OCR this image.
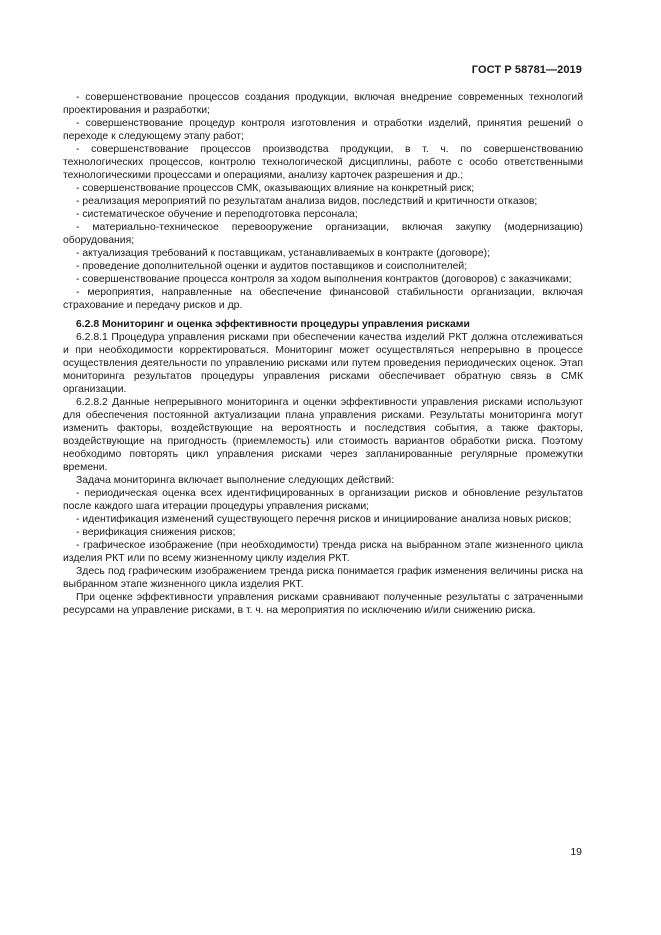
ГОСТ Р 58781—2019

- совершенствование процессов создания продукции, включая внедрение современных технологий проектирования и разработки;

- совершенствование процедур контроля изготовления и отработки изделий, принятия решений о переходе к следующему этапу работ;

- совершенствование процессов производства продукции, в т. ч. по совершенствованию технологических процессов, контролю технологической дисциплины, работе с особо ответственными технологическими процессами и операциями, анализу карточек разрешения и др.;

- совершенствование процессов СМК, оказывающих влияние на конкретный риск;

- реализация мероприятий по результатам анализа видов, последствий и критичности отказов;

- систематическое обучение и переподготовка персонала;

- материально-техническое перевооружение организации, включая закупку (модернизацию) оборудования;

- актуализация требований к поставщикам, устанавливаемых в контракте (договоре);

- проведение дополнительной оценки и аудитов поставщиков и соисполнителей;

- совершенствование процесса контроля за ходом выполнения контрактов (договоров) с заказчиками;

- мероприятия, направленные на обеспечение финансовой стабильности организации, включая страхование и передачу рисков и др.

6.2.8 Мониторинг и оценка эффективности процедуры управления рисками

6.2.8.1 Процедура управления рисками при обеспечении качества изделий РКТ должна отслеживаться и при необходимости корректироваться. Мониторинг может осуществляться непрерывно в процессе осуществления деятельности по управлению рисками или путем проведения периодических оценок. Этап мониторинга результатов процедуры управления рисками обеспечивает обратную связь в СМК организации.

6.2.8.2 Данные непрерывного мониторинга и оценки эффективности управления рисками используют для обеспечения постоянной актуализации плана управления рисками. Результаты мониторинга могут изменить факторы, воздействующие на вероятность и последствия события, а также факторы, воздействующие на пригодность (приемлемость) или стоимость вариантов обработки риска. Поэтому необходимо повторять цикл управления рисками через запланированные регулярные промежутки времени.

Задача мониторинга включает выполнение следующих действий:

- периодическая оценка всех идентифицированных в организации рисков и обновление результатов после каждого шага итерации процедуры управления рисками;

- идентификация изменений существующего перечня рисков и инициирование анализа новых рисков;

- верификация снижения рисков;

- графическое изображение (при необходимости) тренда риска на выбранном этапе жизненного цикла изделия РКТ или по всему жизненному циклу изделия РКТ.

Здесь под графическим изображением тренда риска понимается график изменения величины риска на выбранном этапе жизненного цикла изделия РКТ.

При оценке эффективности управления рисками сравнивают полученные результаты с затраченными ресурсами на управление рисками, в т. ч. на мероприятия по исключению и/или снижению риска.

19
